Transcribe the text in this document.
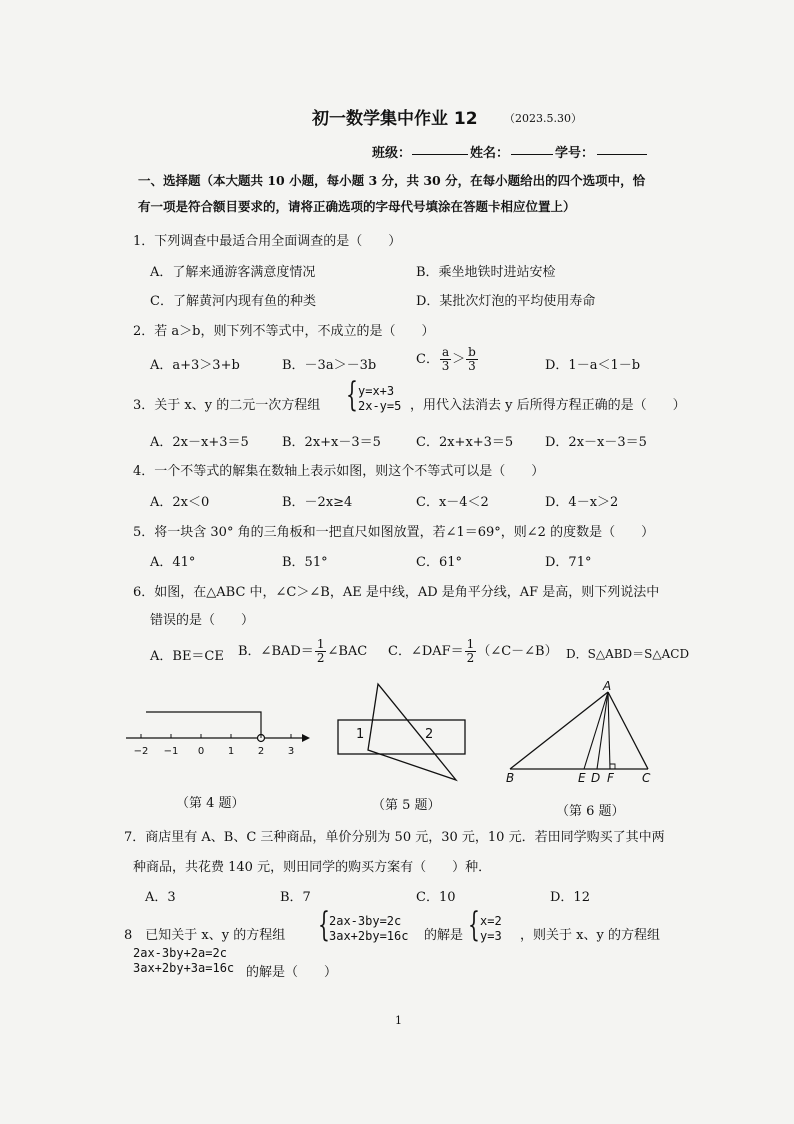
初一数学集中作业 12 （2023.5.30）
班级：	姓名：	学号：
一、选择题（本大题共 10 小题，每小题 3 分，共 30 分，在每小题给出的四个选项中，恰
有一项是符合额目要求的，请将正确选项的字母代号填涂在答题卡相应位置上）
1．下列调查中最适合用全面调查的是（　　）
A．了解来通游客满意度情况	B．乘坐地铁时进站安检
C．了解黄河内现有鱼的种类	D．某批次灯泡的平均使用寿命
2．若 a＞b，则下列不等式中，不成立的是（　　）
A．a+3＞3+b	B．－3a＞－3b	C． $\frac{a}{3} > \frac{b}{3}$	D．1－a＜1－b
3．关于 x、y 的二元一次方程组 { y=x+3
2x-y=5 ，用代入法消去 y 后所得方程正确的是（　　）
A．2x－x+3＝5	B．2x+x－3＝5	C．2x+x+3＝5 D．2x－x－3＝5
4．一个不等式的解集在数轴上表示如图，则这个不等式可以是（　　）
A．2x＜0	B．－2x≥4	C．x－4＜2	D．4－x＞2
5．将一块含 30° 角的三角板和一把直尺如图放置，若∠1＝69°，则∠2 的度数是（　　）
A．41°	B．51°	C．61°	D．71°
6．如图，在△ABC 中，∠C＞∠B，AE 是中线，AD 是角平分线，AF 是高，则下列说法中
错误的是（　　）
A．BE＝CE B．∠BAD＝ $\frac{1}{2}$ ∠BAC C．∠DAF＝ $\frac{1}{2}$ （∠C－∠B） D．S△ABD＝S△ACD
−2 −1 0 1 2 3
（第 4 题）
1	2
（第 5 题）
A
B	E D F C
（第 6 题）
7．商店里有 A、B、C 三种商品，单价分别为 50 元，30 元，10 元．若田同学购买了其中两
种商品，共花费 140 元，则田同学的购买方案有（　　）种．
A．3	B．7	C．10	D．12
8　已知关于 x、y 的方程组 { 2ax-3by=2c
3ax+2by=16c 的解是 { x=2
y=3 ，则关于 x、y 的方程组
2ax-3by+2a=2c
3ax+2by+3a=16c 的解是（　　）
1
